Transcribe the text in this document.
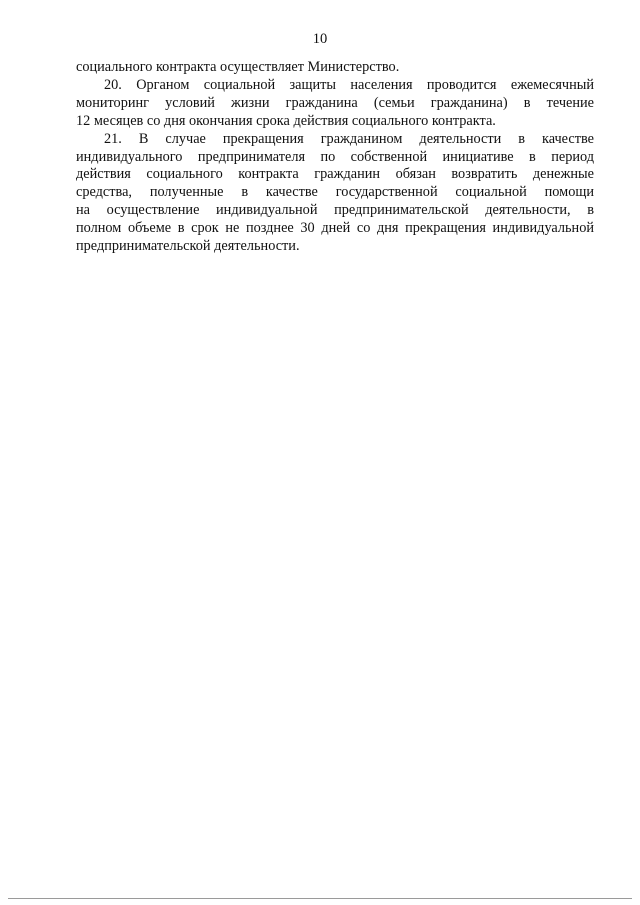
10

социального контракта осуществляет Министерство.

20. Органом социальной защиты населения проводится ежемесячный
мониторинг условий жизни гражданина (семьи гражданина) в течение
12 месяцев со дня окончания срока действия социального контракта.

21. В случае прекращения гражданином деятельности в качестве
индивидуального предпринимателя по собственной инициативе в период
действия социального контракта гражданин обязан возвратить денежные
средства, полученные в качестве государственной социальной помощи
на осуществление индивидуальной предпринимательской деятельности, в
полном объеме в срок не позднее 30 дней со дня прекращения индивидуальной
предпринимательской деятельности.
